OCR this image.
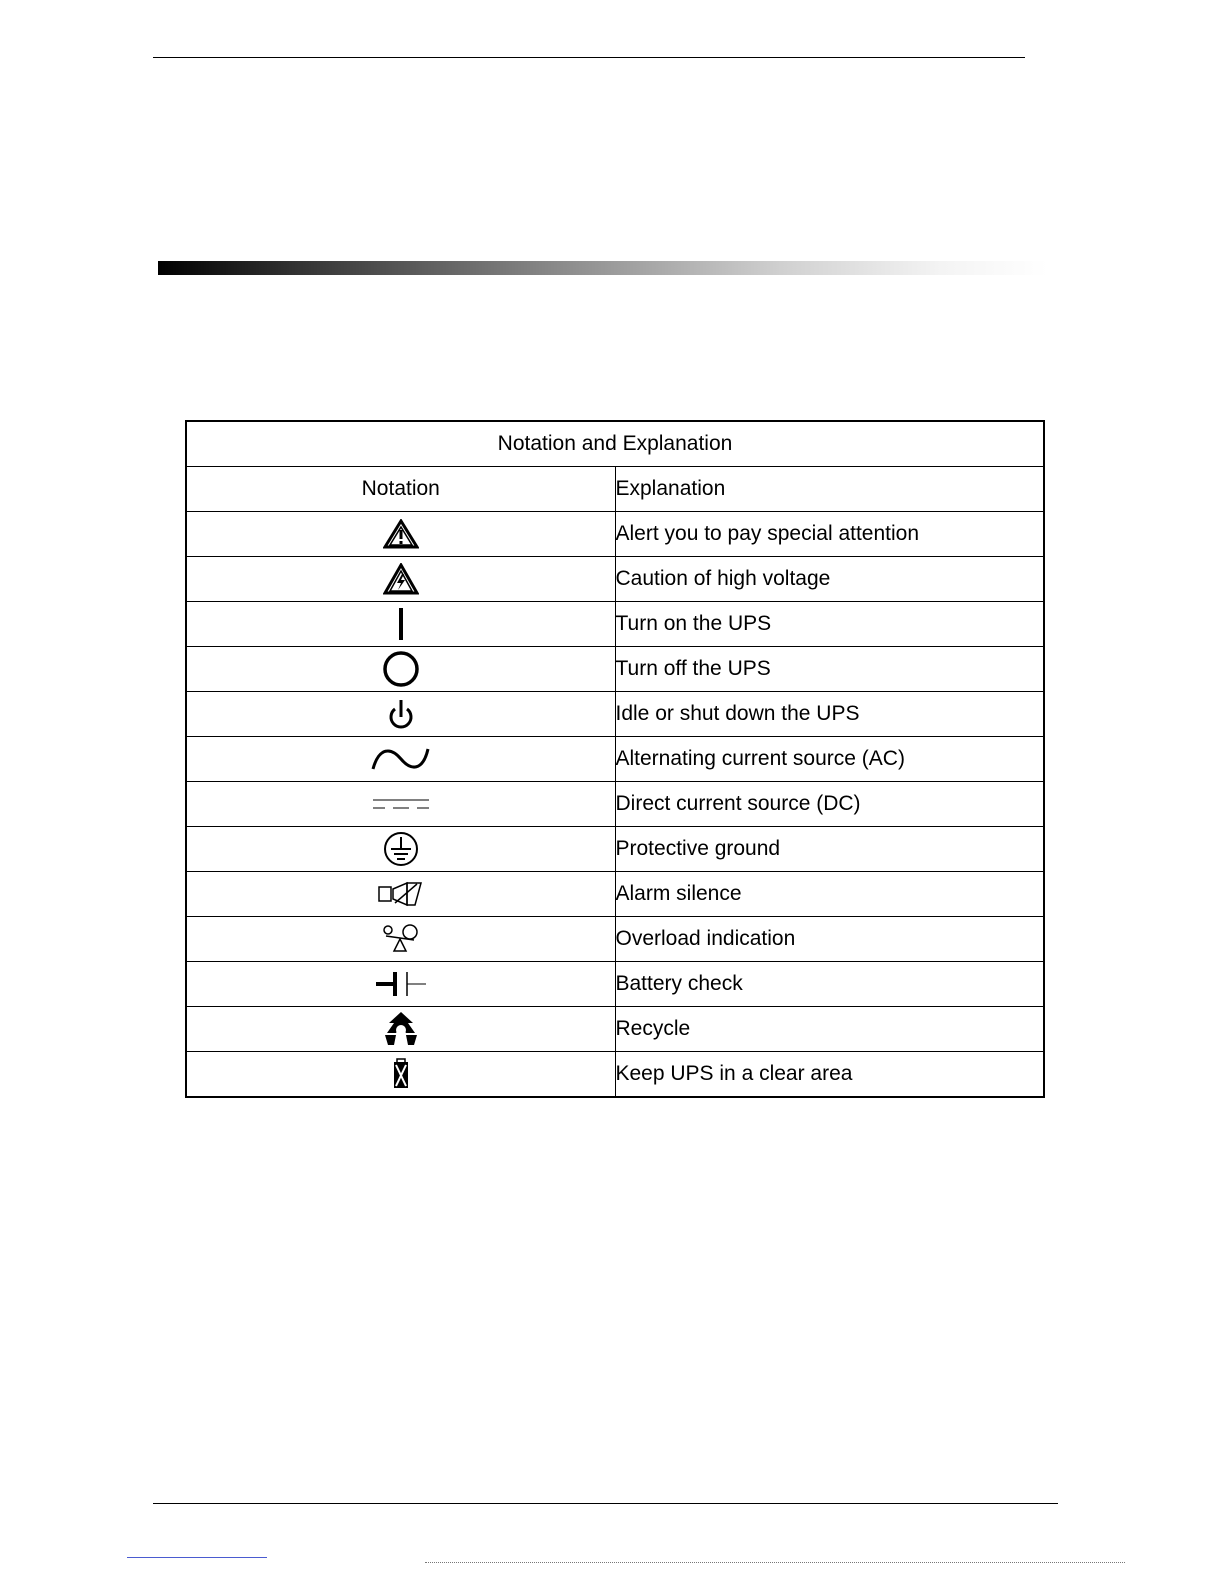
Notation and Explanation	
Notation	Explanation

	Alert you to pay special attention

	Caution of high voltage

	Turn on the UPS

	Turn off the UPS

	Idle or shut down the UPS

	Alternating current source (AC)

	Direct current source (DC)

	Protective ground

	Alarm silence

	Overload indication

	Battery check

	Recycle

	Keep UPS in a clear area
